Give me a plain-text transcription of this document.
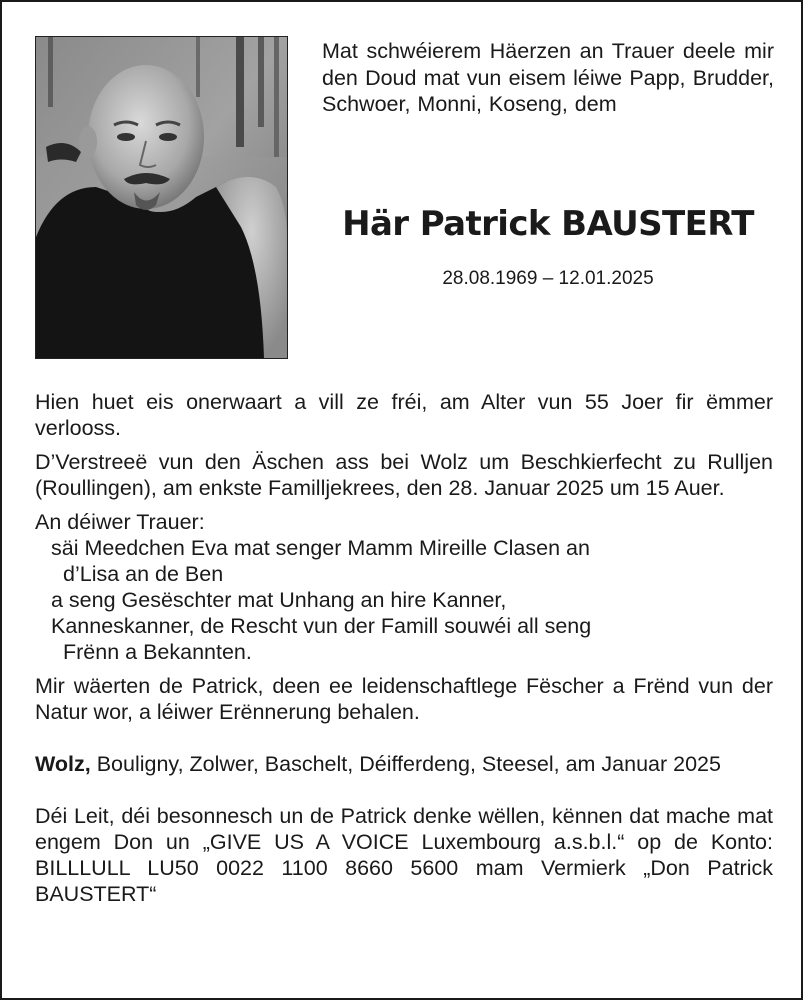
Mat schwéierem Häerzen an Trauer deele mir den Doud mat vun eisem léiwe Papp, Brudder, Schwoer, Monni, Koseng, dem
Här Patrick BAUSTERT
28.08.1969 – 12.01.2025

Hien huet eis onerwaart a vill ze fréi, am Alter vun 55 Joer fir ëmmer verlooss.

D’Verstreeë vun den Äschen ass bei Wolz um Beschkierfecht zu Rulljen (Roullingen), am enkste Familljekrees, den 28. Januar 2025 um 15 Auer.

An déiwer Trauer:

säi Meedchen Eva mat senger Mamm Mireille Clasen an
d’Lisa an de Ben
a seng Gesëschter mat Unhang an hire Kanner,
Kanneskanner, de Rescht vun der Famill souwéi all seng
Frënn a Bekannten.

Mir wäerten de Patrick, deen ee leidenschaftlege Fëscher a Frënd vun der Natur wor, a léiwer Erënnerung behalen.

Wolz, Bouligny, Zolwer, Baschelt, Déifferdeng, Steesel, am Januar 2025

Déi Leit, déi besonnesch un de Patrick denke wëllen, kënnen dat mache mat engem Don un „GIVE US A VOICE Luxembourg a.s.b.l.“ op de Konto: BILLLULL LU50 0022 1100 8660 5600 mam Vermierk „Don Patrick BAUSTERT“
